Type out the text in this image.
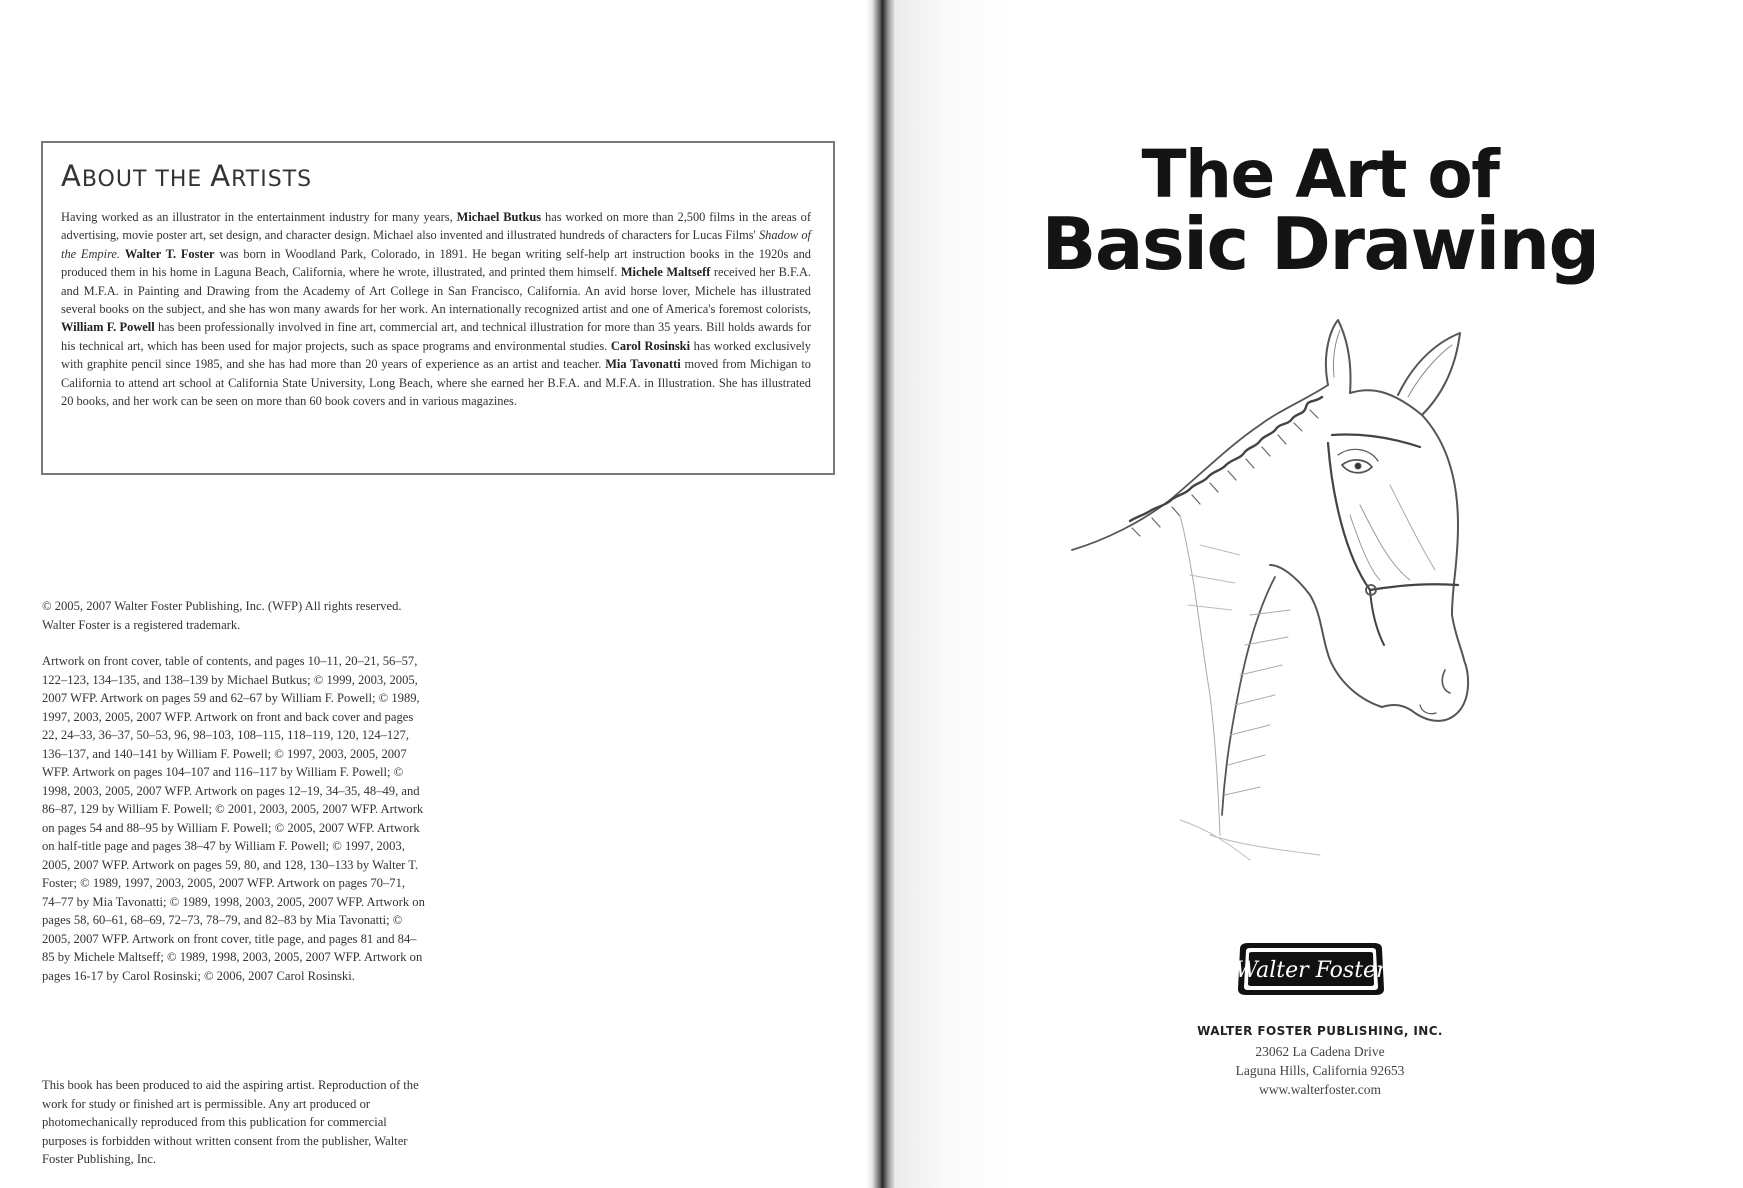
ABOUT THE ARTISTS

Having worked as an illustrator in the entertainment industry for many years, Michael Butkus has worked on more than 2,500 films in the areas of advertising, movie poster art, set design, and character design. Michael also invented and illustrated hundreds of characters for Lucas Films' Shadow of the Empire. Walter T. Foster was born in Woodland Park, Colorado, in 1891. He began writing self-help art instruction books in the 1920s and produced them in his home in Laguna Beach, California, where he wrote, illustrated, and printed them himself. Michele Maltseff received her B.F.A. and M.F.A. in Painting and Drawing from the Academy of Art College in San Francisco, California. An avid horse lover, Michele has illustrated several books on the subject, and she has won many awards for her work. An internationally recognized artist and one of America's foremost colorists, William F. Powell has been professionally involved in fine art, commercial art, and technical illustration for more than 35 years. Bill holds awards for his technical art, which has been used for major projects, such as space programs and environmental studies. Carol Rosinski has worked exclusively with graphite pencil since 1985, and she has had more than 20 years of experience as an artist and teacher. Mia Tavonatti moved from Michigan to California to attend art school at California State University, Long Beach, where she earned her B.F.A. and M.F.A. in Illustration. She has illustrated 20 books, and her work can be seen on more than 60 book covers and in various magazines.

© 2005, 2007 Walter Foster Publishing, Inc. (WFP) All rights reserved. Walter Foster is a registered trademark.

Artwork on front cover, table of contents, and pages 10–11, 20–21, 56–57, 122–123, 134–135, and 138–139 by Michael Butkus; © 1999, 2003, 2005, 2007 WFP. Artwork on pages 59 and 62–67 by William F. Powell; © 1989, 1997, 2003, 2005, 2007 WFP. Artwork on front and back cover and pages 22, 24–33, 36–37, 50–53, 96, 98–103, 108–115, 118–119, 120, 124–127, 136–137, and 140–141 by William F. Powell; © 1997, 2003, 2005, 2007 WFP. Artwork on pages 104–107 and 116–117 by William F. Powell; © 1998, 2003, 2005, 2007 WFP. Artwork on pages 12–19, 34–35, 48–49, and 86–87, 129 by William F. Powell; © 2001, 2003, 2005, 2007 WFP. Artwork on pages 54 and 88–95 by William F. Powell; © 2005, 2007 WFP. Artwork on half-title page and pages 38–47 by William F. Powell; © 1997, 2003, 2005, 2007 WFP. Artwork on pages 59, 80, and 128, 130–133 by Walter T. Foster; © 1989, 1997, 2003, 2005, 2007 WFP. Artwork on pages 70–71, 74–77 by Mia Tavonatti; © 1989, 1998, 2003, 2005, 2007 WFP. Artwork on pages 58, 60–61, 68–69, 72–73, 78–79, and 82–83 by Mia Tavonatti; © 2005, 2007 WFP. Artwork on front cover, title page, and pages 81 and 84–85 by Michele Maltseff; © 1989, 1998, 2003, 2005, 2007 WFP. Artwork on pages 16-17 by Carol Rosinski; © 2006, 2007 Carol Rosinski.

This book has been produced to aid the aspiring artist. Reproduction of the work for study or finished art is permissible. Any art produced or photomechanically reproduced from this publication for commercial purposes is forbidden without written consent from the publisher, Walter Foster Publishing, Inc.

The Art of
Basic Drawing
Walter Foster

WALTER FOSTER PUBLISHING, INC.

23062 La Cadena Drive

Laguna Hills, California 92653

www.walterfoster.com
